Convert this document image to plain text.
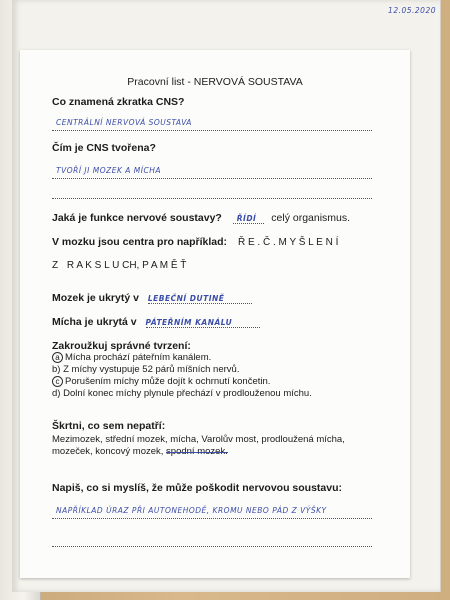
12.05.2020
Pracovní list - NERVOVÁ SOUSTAVA
Co znamená zkratka CNS?
CENTRÁLNÍ NERVOVÁ SOUSTAVA
Čím je CNS tvořena?
TVOŘÍ JI MOZEK A MÍCHA
Jaká je funkce nervové soustavy? ŘÍDÍ celý organismus.
V mozku jsou centra pro například: Ř E . Č . M Y Š L E N Í
Z R A K S L U CH, P A M Ě Ť
Mozek je ukrytý v LEBEČNÍ DUTINĚ
Mícha je ukrytá v PÁTEŘNÍM KANÁLU
Zakroužkuj správné tvrzení:
a Mícha prochází páteřním kanálem.
b) Z míchy vystupuje 52 párů míšních nervů.
c Porušením míchy může dojít k ochrnutí končetin.
d) Dolní konec míchy plynule přechází v prodlouženou míchu.
Škrtni, co sem nepatří:
Mezimozek, střední mozek, mícha, Varolův most, prodloužená mícha,
mozeček, koncový mozek, spodní mozek.
Napiš, co si myslíš, že může poškodit nervovou soustavu:
NAPŘÍKLAD ÚRAZ PŘI AUTONEHODĚ, KROMU NEBO PÁD Z VÝŠKY
